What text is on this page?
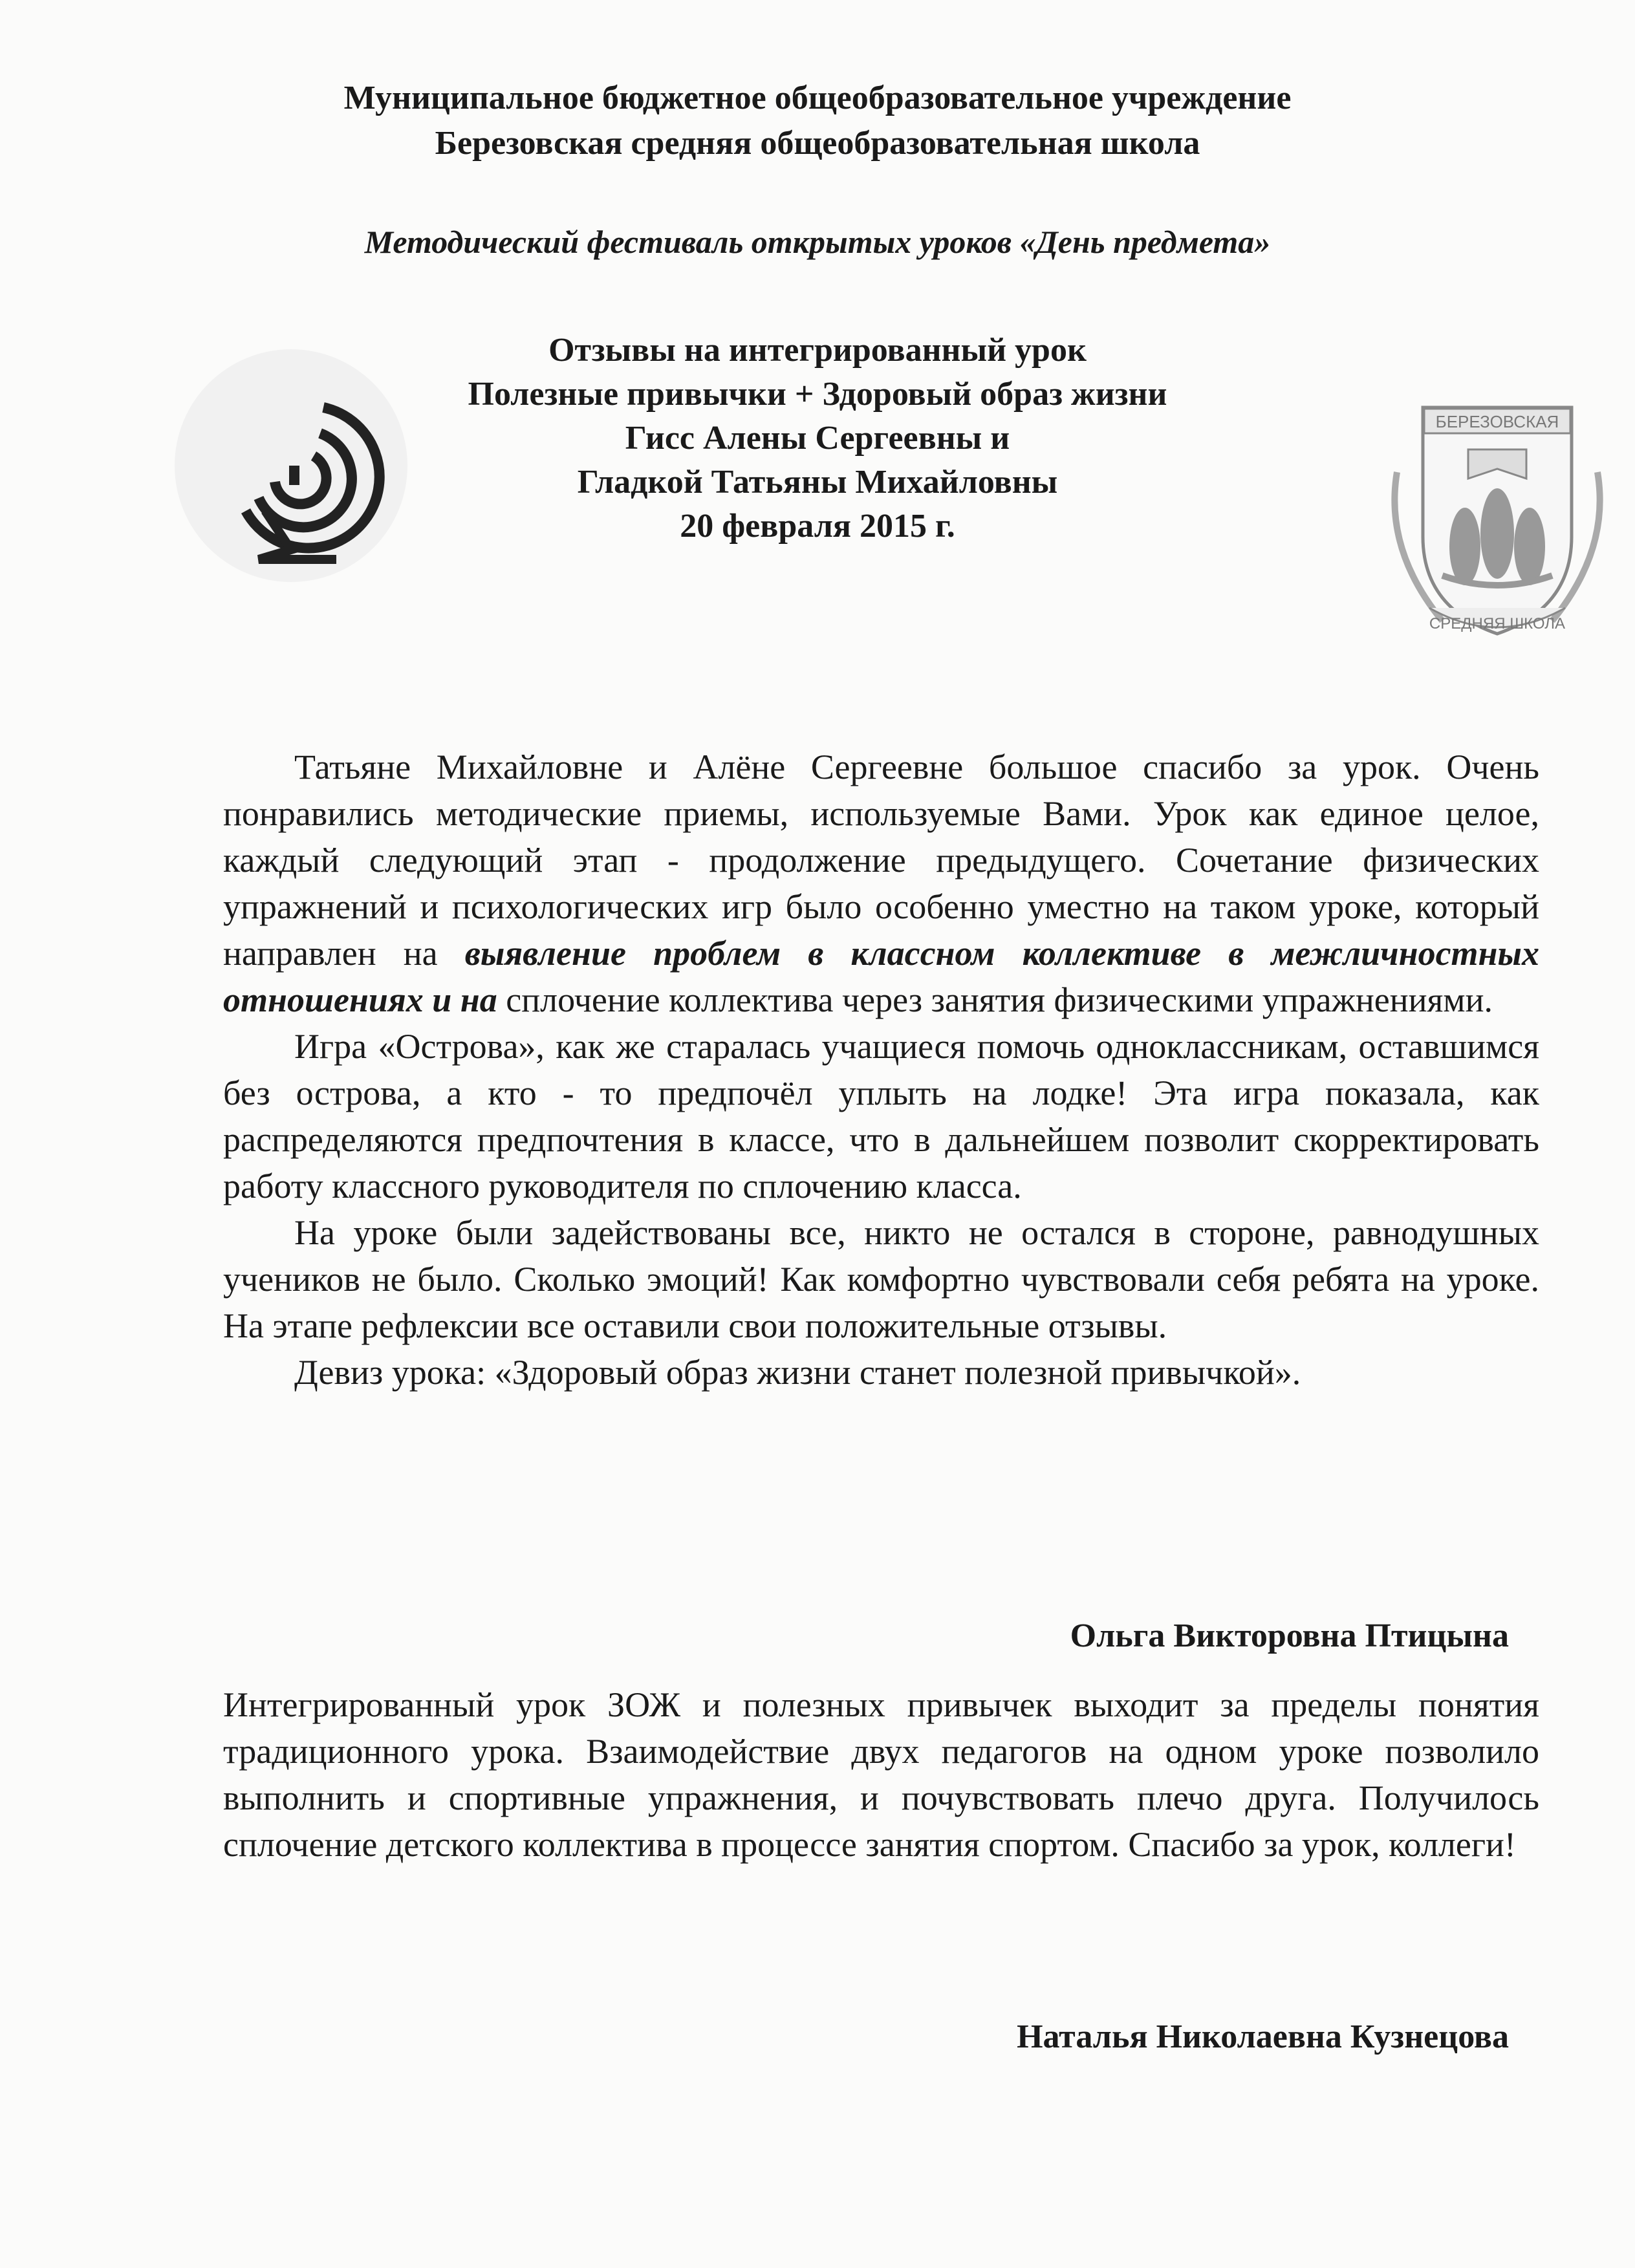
Муниципальное бюджетное общеобразовательное учреждение
Березовская средняя общеобразовательная школа
Методический фестиваль открытых уроков «День предмета»
Отзывы на интегрированный урок
Полезные привычки + Здоровый образ жизни
Гисс Алены Сергеевны и
Гладкой Татьяны Михайловны
20 февраля 2015 г.
БЕРЕЗОВСКАЯ
СРЕДНЯЯ ШКОЛА

Татьяне Михайловне и Алёне Сергеевне большое спасибо за урок. Очень понравились методические приемы, используемые Вами. Урок как единое целое, каждый следующий этап - продолжение предыдущего. Сочетание физических упражнений и психологических игр было особенно уместно на таком уроке, который направлен на выявление проблем в классном коллективе в межличностных отношениях и на сплочение коллектива через занятия физическими упражнениями.

Игра «Острова», как же старалась учащиеся помочь одноклассникам, оставшимся без острова, а кто - то предпочёл уплыть на лодке! Эта игра показала, как распределяются предпочтения в классе, что в дальнейшем позволит скорректировать работу классного руководителя по сплочению класса.

На уроке были задействованы все, никто не остался в стороне, равнодушных учеников не было. Сколько эмоций! Как комфортно чувствовали себя ребята на уроке. На этапе рефлексии все оставили свои положительные отзывы.

Девиз урока: «Здоровый образ жизни станет полезной привычкой».

Ольга Викторовна Птицына

Интегрированный урок ЗОЖ и полезных привычек выходит за пределы понятия традиционного урока. Взаимодействие двух педагогов на одном уроке позволило выполнить и спортивные упражнения, и почувствовать плечо друга. Получилось сплочение детского коллектива в процессе занятия спортом. Спасибо за урок, коллеги!

Наталья Николаевна Кузнецова
